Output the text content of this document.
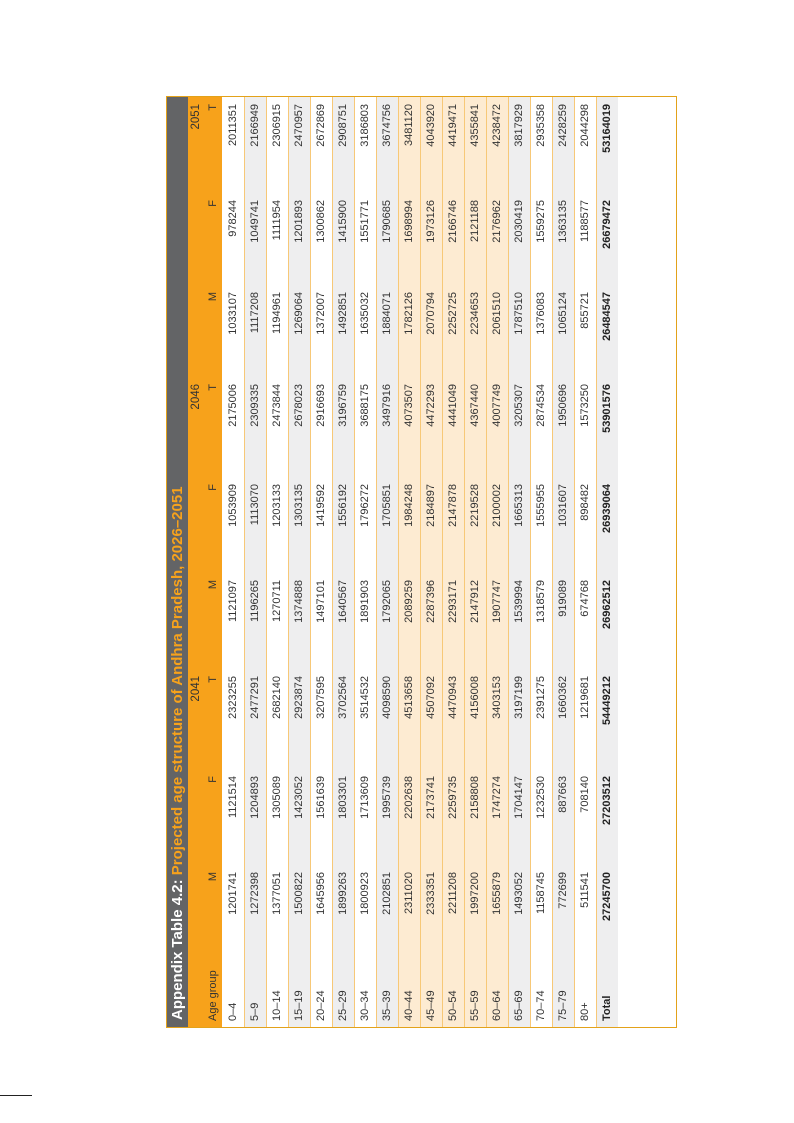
Appendix Table 4.2: Projected age structure of Andhra Pradesh, 2026–2051
	2041			2046			2051		
Age group	M	F	T	M	F	T	M	F	T
0–4	1201741	1121514	2323255	1121097	1053909	2175006	1033107	978244	2011351
5–9	1272398	1204893	2477291	1196265	1113070	2309335	1117208	1049741	2166949
10–14	1377051	1305089	2682140	1270711	1203133	2473844	1194961	1111954	2306915
15–19	1500822	1423052	2923874	1374888	1303135	2678023	1269064	1201893	2470957
20–24	1645956	1561639	3207595	1497101	1419592	2916693	1372007	1300862	2672869
25–29	1899263	1803301	3702564	1640567	1556192	3196759	1492851	1415900	2908751
30–34	1800923	1713609	3514532	1891903	1796272	3688175	1635032	1551771	3186803
35–39	2102851	1995739	4098590	1792065	1705851	3497916	1884071	1790685	3674756
40–44	2311020	2202638	4513658	2089259	1984248	4073507	1782126	1698994	3481120
45–49	2333351	2173741	4507092	2287396	2184897	4472293	2070794	1973126	4043920
50–54	2211208	2259735	4470943	2293171	2147878	4441049	2252725	2166746	4419471
55–59	1997200	2158808	4156008	2147912	2219528	4367440	2234653	2121188	4355841
60–64	1655879	1747274	3403153	1907747	2100002	4007749	2061510	2176962	4238472
65–69	1493052	1704147	3197199	1539994	1665313	3205307	1787510	2030419	3817929
70–74	1158745	1232530	2391275	1318579	1555955	2874534	1376083	1559275	2935358
75–79	772699	887663	1660362	919089	1031607	1950696	1065124	1363135	2428259
80+	511541	708140	1219681	674768	898482	1573250	855721	1188577	2044298
Total	27245700	27203512	54449212	26962512	26939064	53901576	26484547	26679472	53164019
